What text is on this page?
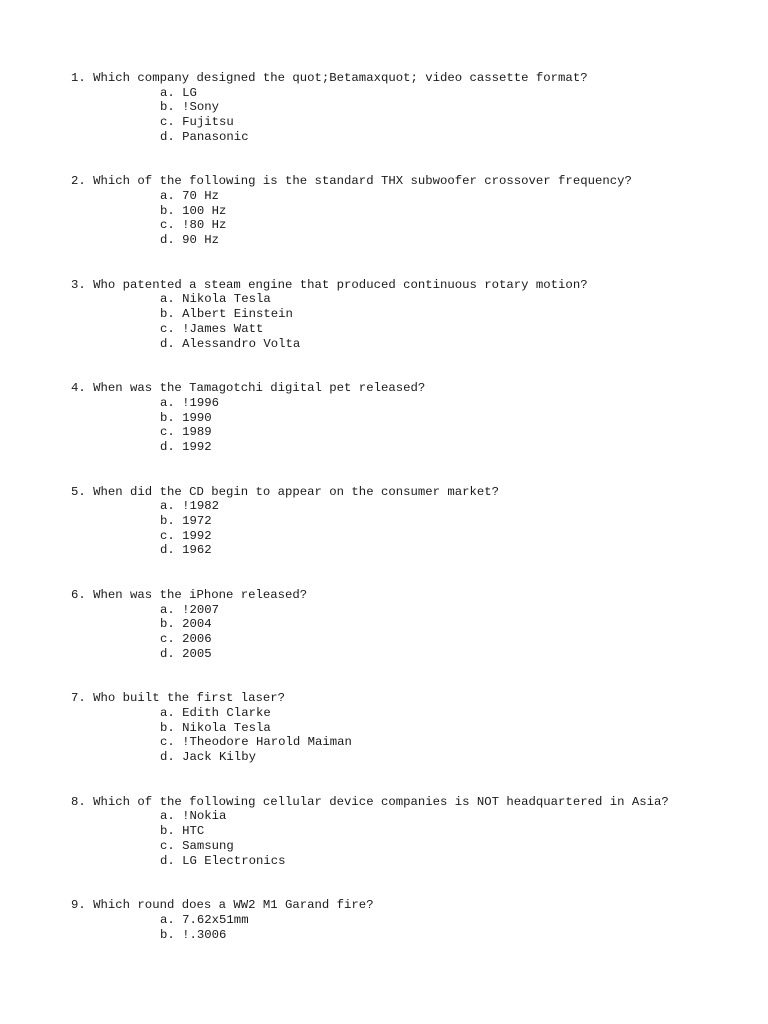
1. Which company designed the quot;Betamaxquot; video cassette format?
a. LG
b. !Sony
c. Fujitsu
d. Panasonic
2. Which of the following is the standard THX subwoofer crossover frequency?
a. 70 Hz
b. 100 Hz
c. !80 Hz
d. 90 Hz
3. Who patented a steam engine that produced continuous rotary motion?
a. Nikola Tesla
b. Albert Einstein
c. !James Watt
d. Alessandro Volta
4. When was the Tamagotchi digital pet released?
a. !1996
b. 1990
c. 1989
d. 1992
5. When did the CD begin to appear on the consumer market?
a. !1982
b. 1972
c. 1992
d. 1962
6. When was the iPhone released?
a. !2007
b. 2004
c. 2006
d. 2005
7. Who built the first laser?
a. Edith Clarke
b. Nikola Tesla
c. !Theodore Harold Maiman
d. Jack Kilby
8. Which of the following cellular device companies is NOT headquartered in Asia?
a. !Nokia
b. HTC
c. Samsung
d. LG Electronics
9. Which round does a WW2 M1 Garand fire?
a. 7.62x51mm
b. !.3006
